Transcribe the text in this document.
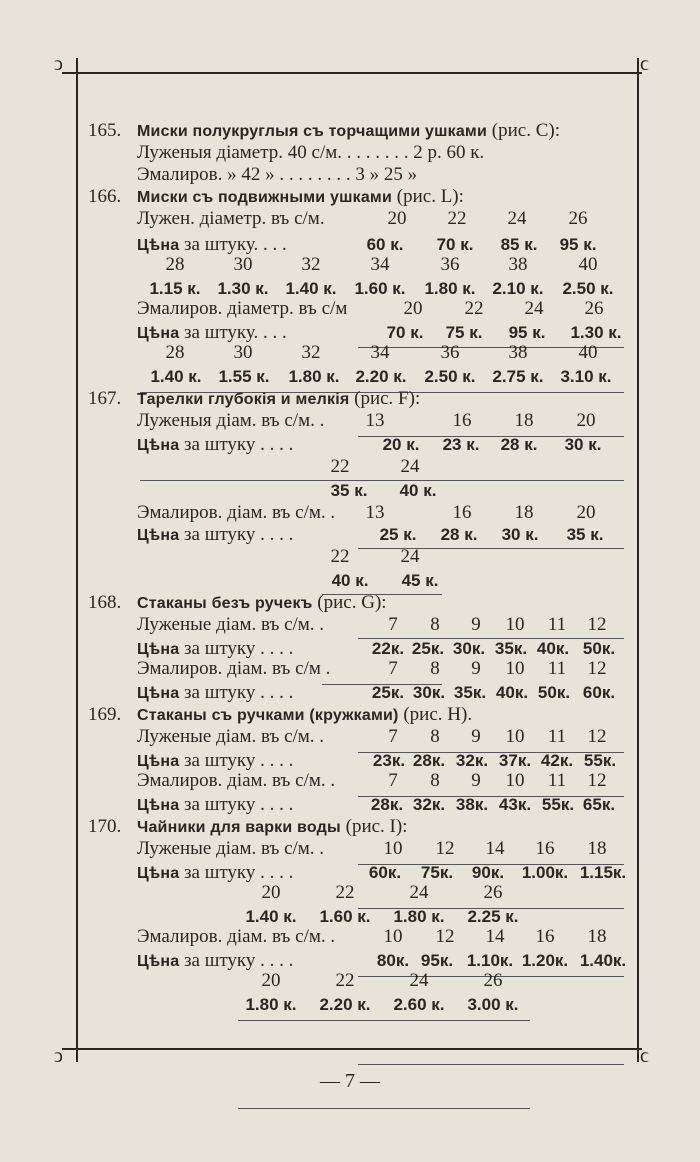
ↄ	ↄ
ↄ	ↄ
165. Миски полукруглыя съ торчащими ушками (рис. C):
Луженыя діаметр. 40 с/м. . . . . . . . 2 р. 60 к.
Эмалиров. » 42 » . . . . . . . . 3 » 25 »
166. Миски съ подвижными ушками (рис. L):
Лужен. діаметр. въ с/м.	20	22	24	26
Цѣна за штуку. . . .	60 к.	70 к.	85 к.	95 к.
28	30	32	34	36	38	40
1.15 к. 1.30 к. 1.40 к.	1.60 к.	1.80 к. 2.10 к.	2.50 к.
Эмалиров. діаметр. въ с/м	20	22	24	26
Цѣна за штуку. . . .	70 к.	75 к.	95 к.	1.30 к.
28	30	32	34	36	38	40
1.40 к. 1.55 к.	1.80 к. 2.20 к.	2.50 к. 2.75 к. 3.10 к.
167. Тарелки глубокія и мелкія (рис. F):
Луженыя діам. въ с/м. .	13	16	18	20
Цѣна за штуку . . . .	20 к.	23 к.	28 к.	30 к.
22	24
35 к.	40 к.
Эмалиров. діам. въ с/м. .	13	16	18	20
Цѣна за штуку . . . .	25 к.	28 к.	30 к.	35 к.
22	24
40 к.	45 к.
168. Стаканы безъ ручекъ (рис. G):
Луженые діам. въ с/м. .	7	8	9	10	11	12
Цѣна за штуку . . . .	22к. 25к. 30к. 35к. 40к. 50к.
Эмалиров. діам. въ с/м .	7	8	9	10	11	12
Цѣна за штуку . . . .	25к. 30к. 35к. 40к. 50к. 60к.
169. Стаканы съ ручками (кружками) (рис. H).
Луженые діам. въ с/м. .	7	8	9	10	11	12
Цѣна за штуку . . . .	23к. 28к. 32к. 37к. 42к. 55к.
Эмалиров. діам. въ с/м. .	7	8	9	10	11	12
Цѣна за штуку . . . .	28к. 32к. 38к. 43к. 55к. 65к.
170. Чайники для варки воды (рис. I):
Луженые діам. въ с/м. .	10	12	14	16	18
Цѣна за штуку . . . .	60к.	75к.	90к.	1.00к. 1.15к.
20	22	24	26
1.40 к.	1.60 к.	1.80 к.	2.25 к.
Эмалиров. діам. въ с/м. .	10	12	14	16	18
Цѣна за штуку . . . .	80к. 95к. 1.10к. 1.20к. 1.40к.
20	22	24	26
1.80 к.	2.20 к.	2.60 к.	3.00 к.
— 7 —
